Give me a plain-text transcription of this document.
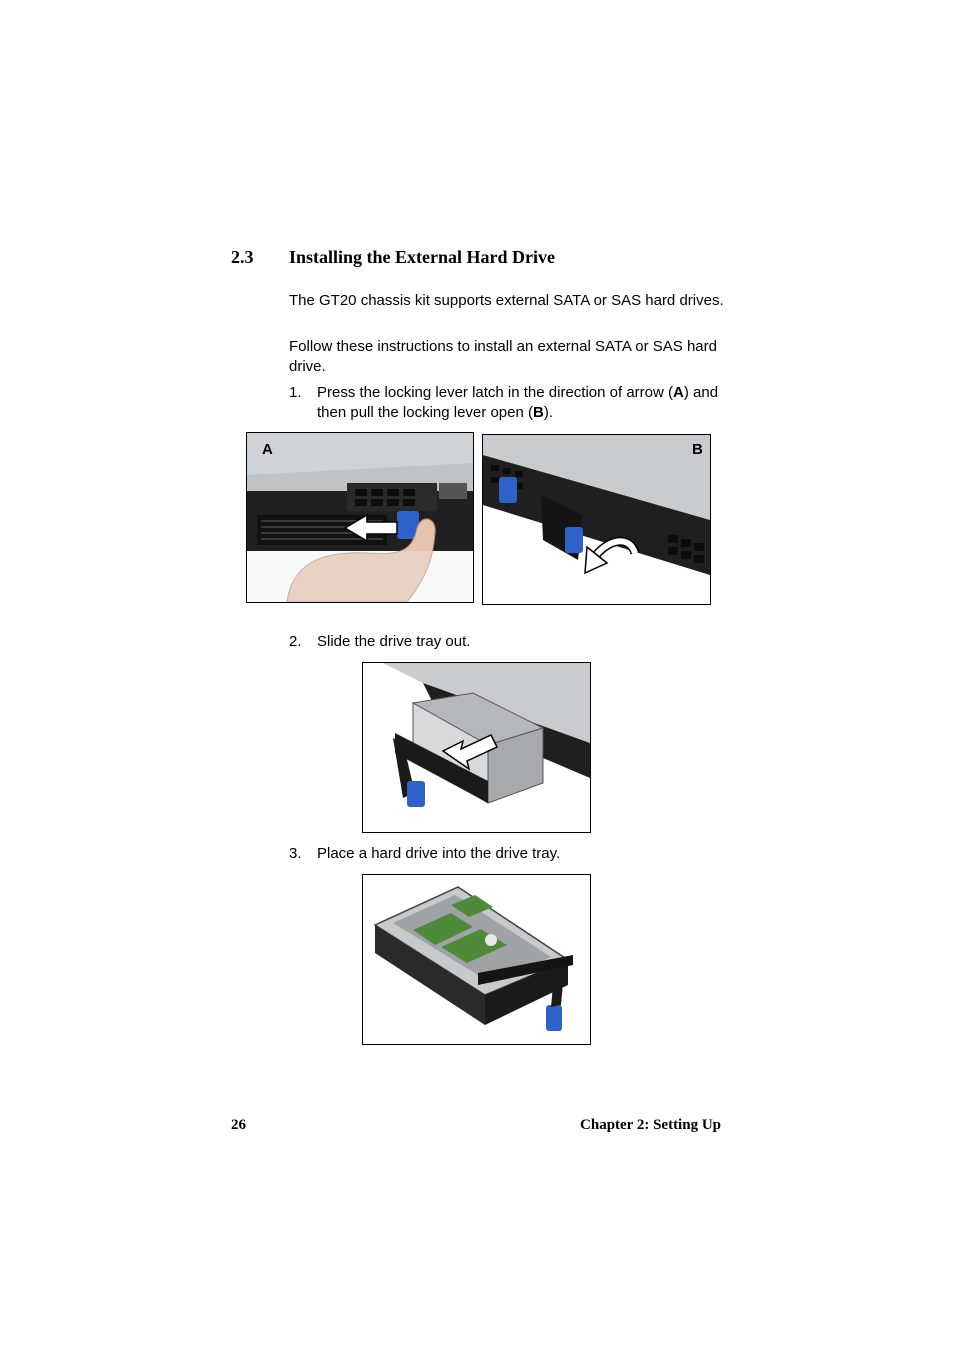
2.3 Installing the External Hard Drive
The GT20 chassis kit supports external SATA or SAS hard drives.
Follow these instructions to install an external SATA or SAS hard drive.
1. Press the locking lever latch in the direction of arrow (A) and then pull the locking lever open (B).
A	B
2. Slide the drive tray out.
3. Place a hard drive into the drive tray.
26	Chapter 2: Setting Up
